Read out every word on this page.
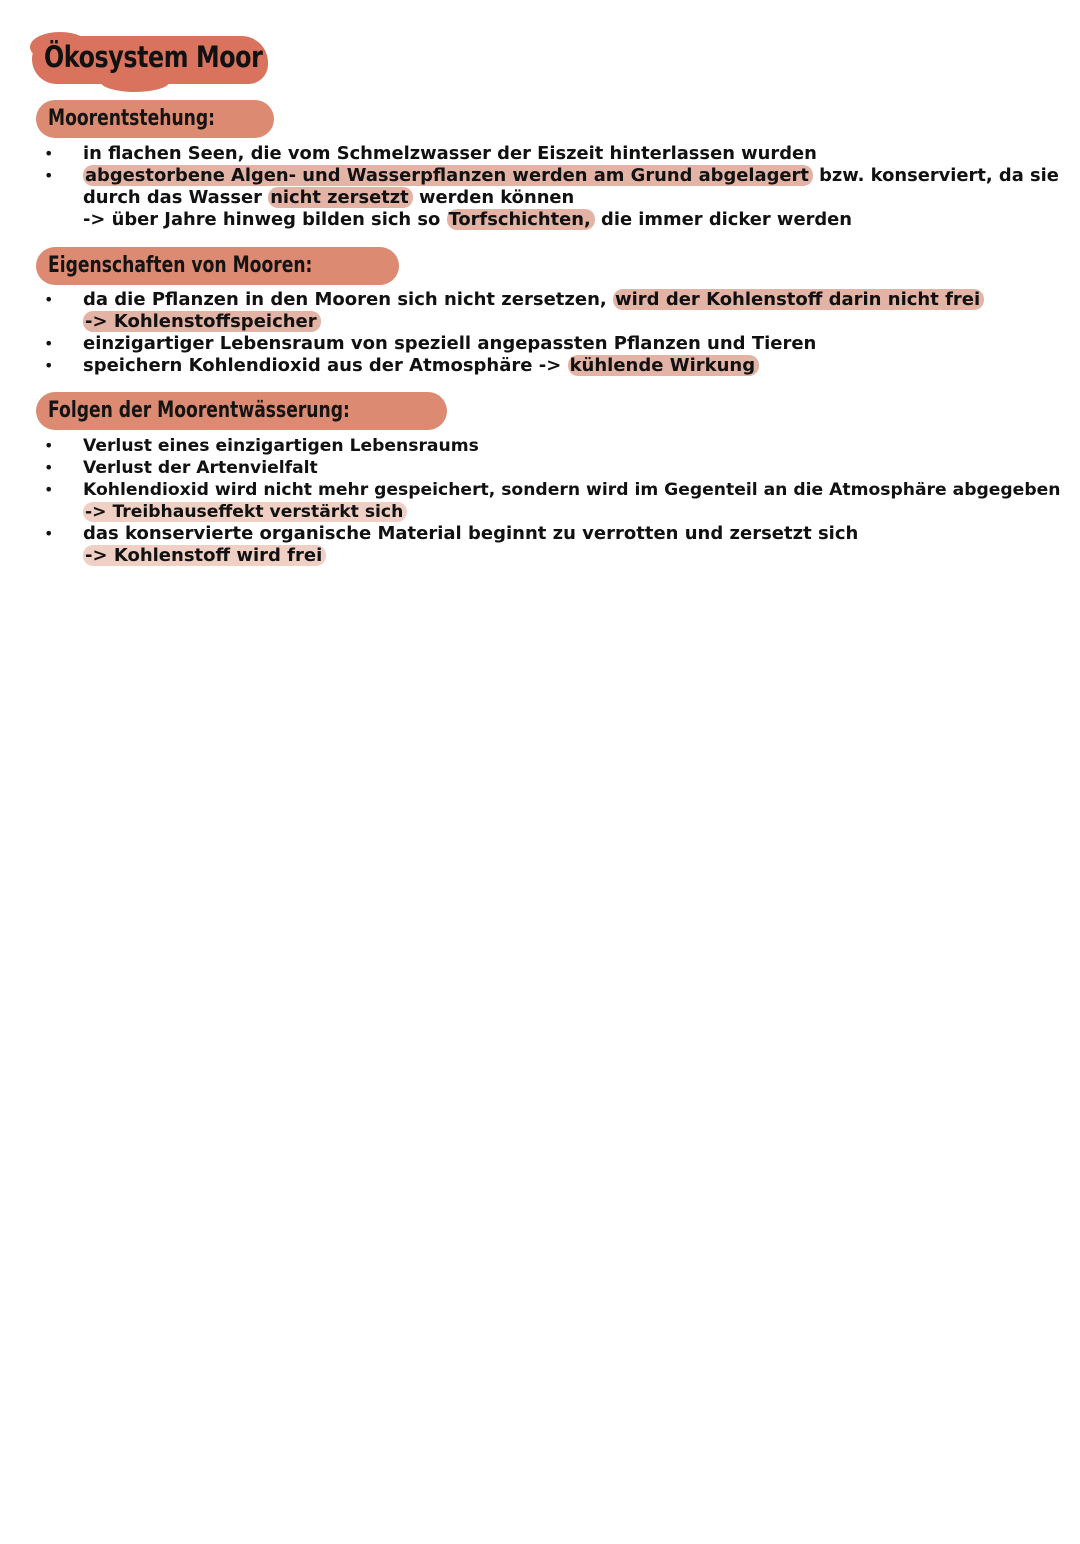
Ökosystem Moor
Moorentstehung:
• in flachen Seen, die vom Schmelzwasser der Eiszeit hinterlassen wurden
• abgestorbene Algen- und Wasserpflanzen werden am Grund abgelagert bzw. konserviert, da sie
durch das Wasser nicht zersetzt werden können
-> über Jahre hinweg bilden sich so Torfschichten, die immer dicker werden
Eigenschaften von Mooren:
• da die Pflanzen in den Mooren sich nicht zersetzen, wird der Kohlenstoff darin nicht frei
-> Kohlenstoffspeicher
• einzigartiger Lebensraum von speziell angepassten Pflanzen und Tieren
• speichern Kohlendioxid aus der Atmosphäre -> kühlende Wirkung
Folgen der Moorentwässerung:
• Verlust eines einzigartigen Lebensraums
• Verlust der Artenvielfalt
• Kohlendioxid wird nicht mehr gespeichert, sondern wird im Gegenteil an die Atmosphäre abgegeben
-> Treibhauseffekt verstärkt sich
• das konservierte organische Material beginnt zu verrotten und zersetzt sich
-> Kohlenstoff wird frei
